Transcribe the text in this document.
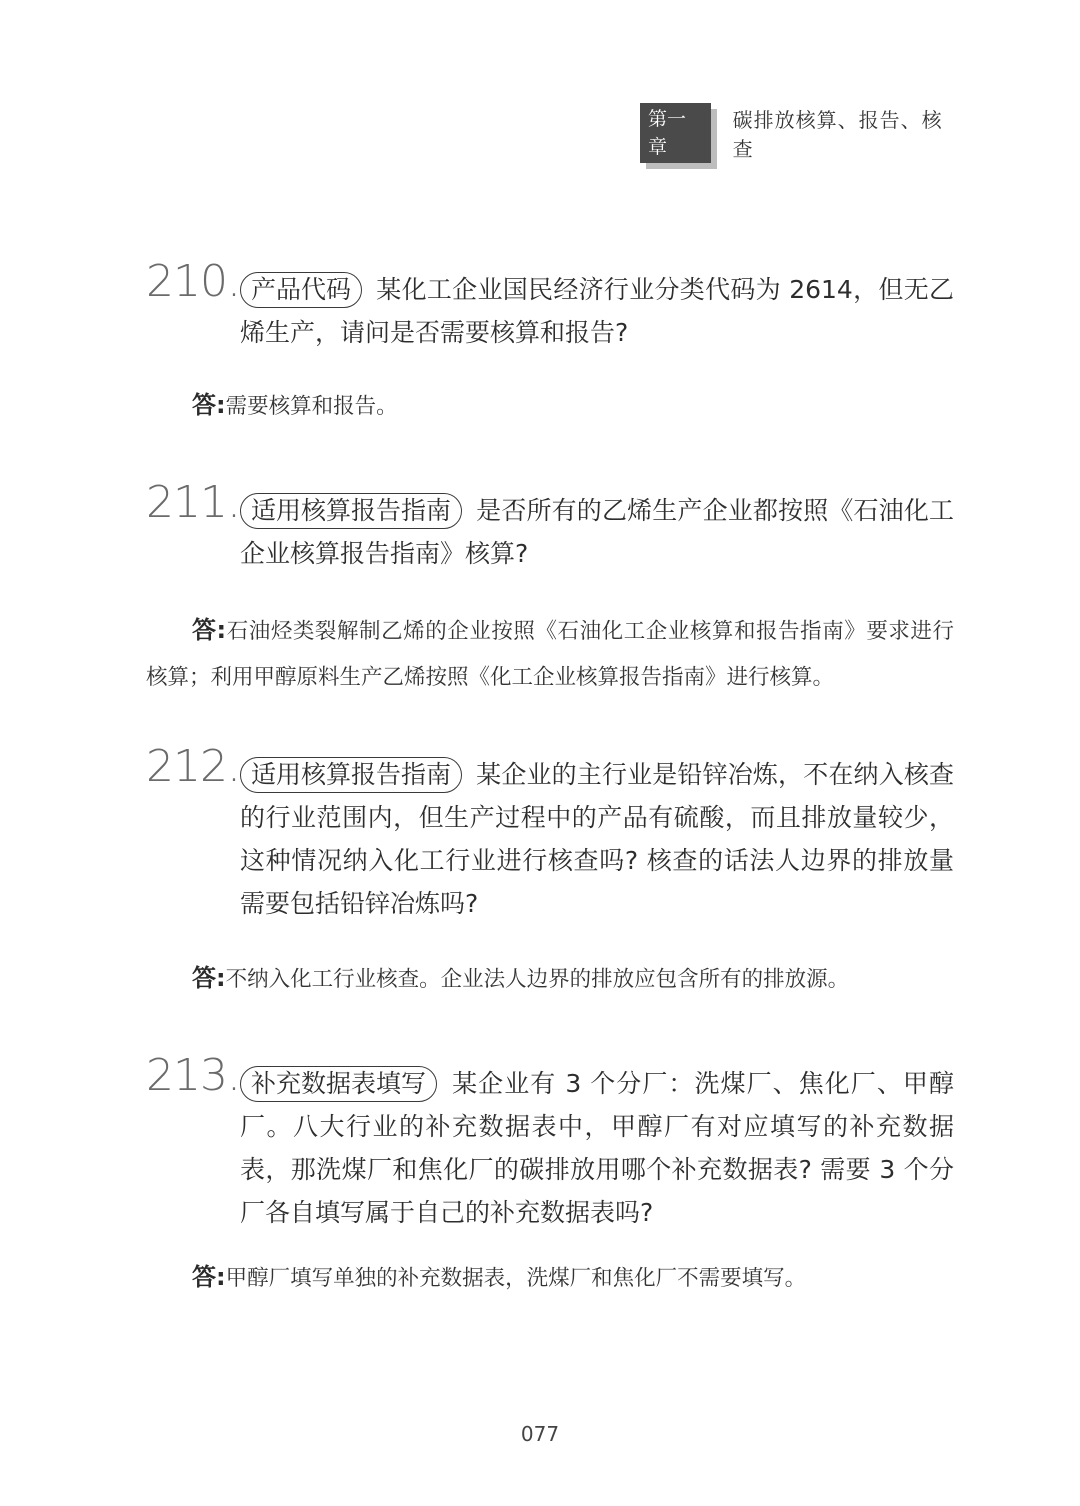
第一章
碳排放核算、报告、核查
210. 产品代码 某化工企业国民经济行业分类代码为 2614，但无乙烯生产，请问是否需要核算和报告?
答:需要核算和报告。
211. 适用核算报告指南 是否所有的乙烯生产企业都按照《石油化工企业核算报告指南》核算?
答:石油烃类裂解制乙烯的企业按照《石油化工企业核算和报告指南》要求进行核算；利用甲醇原料生产乙烯按照《化工企业核算报告指南》进行核算。
212. 适用核算报告指南 某企业的主行业是铅锌冶炼，不在纳入核查的行业范围内，但生产过程中的产品有硫酸，而且排放量较少，这种情况纳入化工行业进行核查吗? 核查的话法人边界的排放量需要包括铅锌冶炼吗?
答:不纳入化工行业核查。企业法人边界的排放应包含所有的排放源。
213. 补充数据表填写 某企业有 3 个分厂：洗煤厂、焦化厂、甲醇厂。八大行业的补充数据表中，甲醇厂有对应填写的补充数据表，那洗煤厂和焦化厂的碳排放用哪个补充数据表? 需要 3 个分厂各自填写属于自己的补充数据表吗?
答:甲醇厂填写单独的补充数据表，洗煤厂和焦化厂不需要填写。
077
